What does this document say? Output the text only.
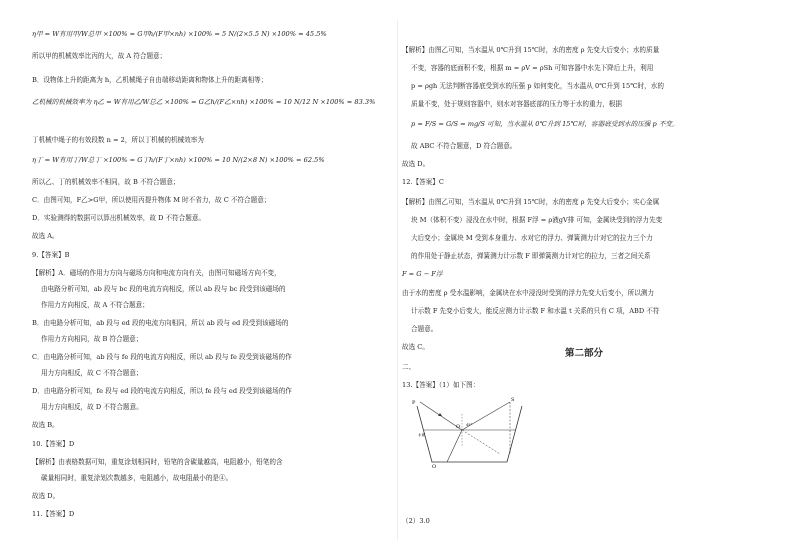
η甲 = W有用甲/W总甲 ×100% = G甲h/(F甲×nh) ×100% = 5 N/(2×5.5 N) ×100% ≈ 45.5%
所以甲的机械效率比丙的大，故 A 符合题意；
B．设物体上升的距离为 h，乙机械绳子自由端移动距离和物体上升的距离相等；
乙机械的机械效率为 η乙 = W有用乙/W总乙 ×100% = G乙h/(F乙×nh) ×100% = 10 N/12 N ×100% ≈ 83.3%
丁机械中绳子的有效段数 n = 2，所以丁机械的机械效率为
η丁 = W有用丁/W总丁 ×100% = G丁h/(F丁×nh) ×100% = 10 N/(2×8 N) ×100% = 62.5%
所以乙、丁的机械效率不相同，故 B 不符合题意；
C．由图可知，F乙>G甲，所以使用丙提升物体 M 时不省力，故 C 不符合题意；
D．实验测得的数据可以算出机械效率，故 D 不符合题意。
故选 A。
9.【答案】B
【解析】A．磁场的作用力方向与磁场方向和电流方向有关，由图可知磁场方向不变，
由电路分析可知，ab 段与 bc 段的电流方向相反，所以 ab 段与 bc 段受到该磁场的
作用力方向相反，故 A 不符合题意；
B．由电路分析可知，ab 段与 ed 段的电流方向相同，所以 ab 段与 ed 段受到该磁场的
作用力方向相同，故 B 符合题意；
C．由电路分析可知，ab 段与 fe 段的电流方向相反，所以 ab 段与 fe 段受到该磁场的作
用力方向相反，故 C 不符合题意；
D．由电路分析可知，fe 段与 ed 段的电流方向相反，所以 fe 段与 ed 段受到该磁场的作
用力方向相反，故 D 不符合题意。
故选 B。
10.【答案】D
【解析】由表格数据可知，重复涂划相同时，铅笔的含碳量越高，电阻越小，铅笔的含
碳量相同时，重复涂划次数越多，电阻越小，故电阻最小的是④。
故选 D。
11.【答案】D
【解析】由图乙可知，当水温从 0℃升到 15℃时，水的密度 ρ 先变大后变小；水的质量
不变，容器的底面积不变，根据 m = ρV = ρSh 可知容器中水先下降后上升，利用
p = ρgh 无法判断容器底受到水的压强 p 如何变化，当水温从 0℃升到 15℃时，水的
质量不变，处于规则容器中，则水对容器底部的压力等于水的重力，根据
p = F/S = G/S = mg/S 可知，当水温从 0℃升到 15℃时，容器底受到水的压强 p 不变。
故 ABC 不符合题意，D 符合题意。
故选 D。
12.【答案】C
【解析】由图乙可知，当水温从 0℃升到 15℃时，水的密度 ρ 先变大后变小；实心金属
块 M（体积不变）浸没在水中时，根据 F浮 = ρ液gV排 可知，金属块受到的浮力先变
大后变小；金属块 M 受到本身重力、水对它的浮力、弹簧测力计对它的拉力三个力
的作用处于静止状态，弹簧测力计示数 F 即弹簧测力计对它的拉力，三者之间关系
F = G − F浮
由于水的密度 ρ 受水温影响，金属块在水中浸没时受到的浮力先变大后变小，所以测力
计示数 F 先变小后变大，能反应测力计示数 F 和水温 t 关系的只有 C 项，ABD 不符
合题意。
故选 C。
第二部分
二、
13.【答案】（1）如下图：
P
O
O
S
45°
水面
（2）3.0
